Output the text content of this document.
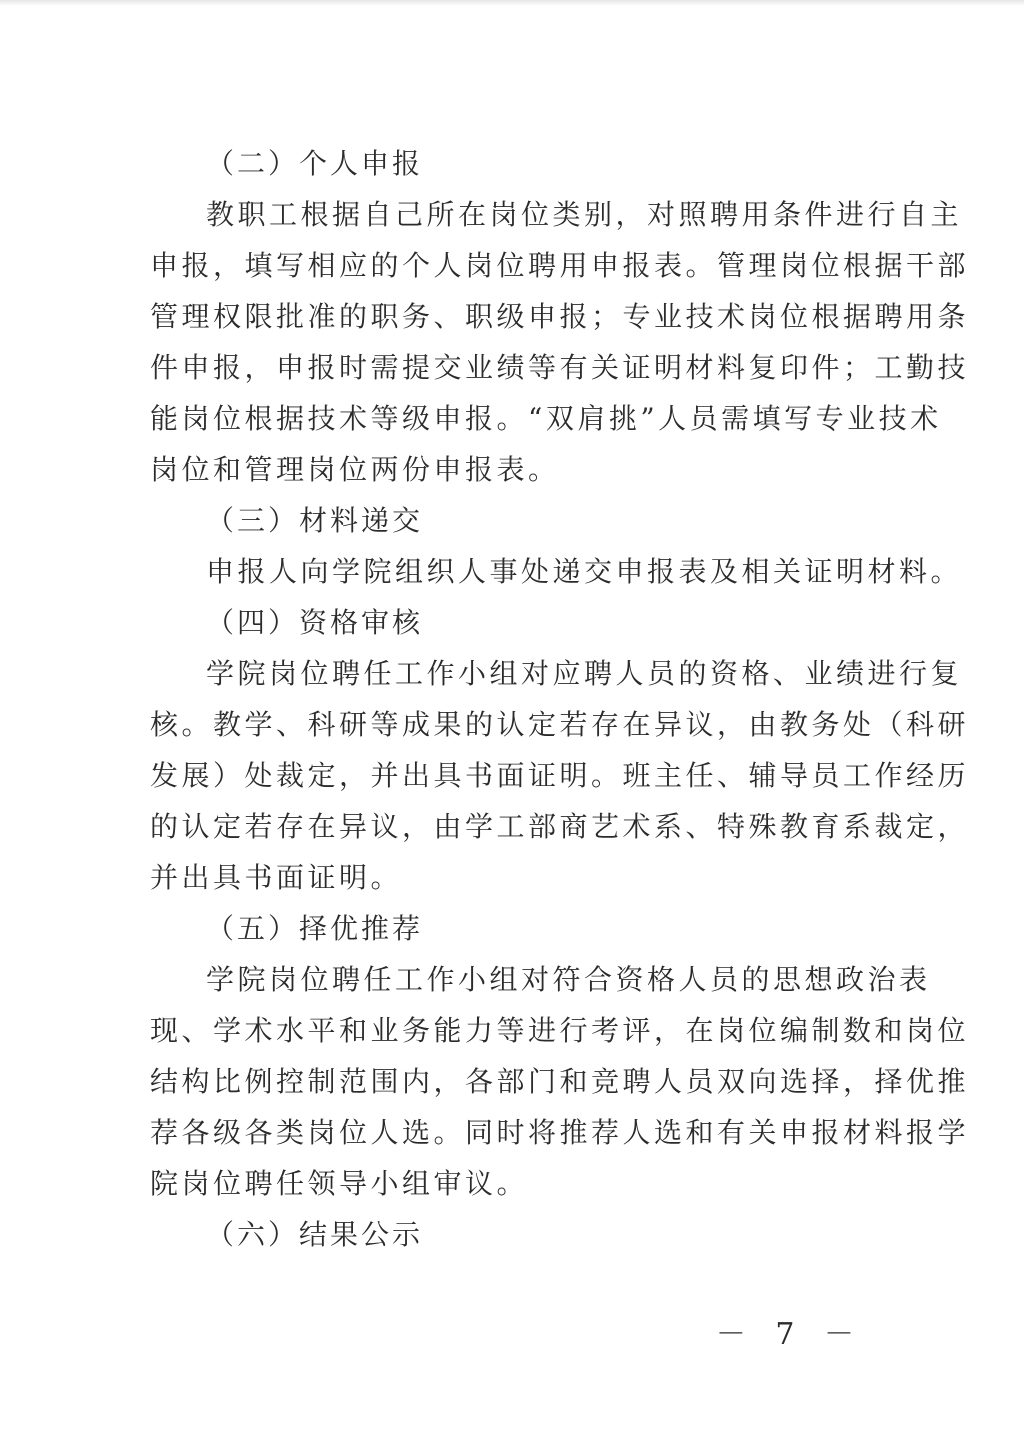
（二）个人申报
教职工根据自己所在岗位类别，对照聘用条件进行自主
申报，填写相应的个人岗位聘用申报表。管理岗位根据干部
管理权限批准的职务、职级申报；专业技术岗位根据聘用条
件申报，申报时需提交业绩等有关证明材料复印件；工勤技
能岗位根据技术等级申报。“双肩挑”人员需填写专业技术
岗位和管理岗位两份申报表。
（三）材料递交
申报人向学院组织人事处递交申报表及相关证明材料。
（四）资格审核
学院岗位聘任工作小组对应聘人员的资格、业绩进行复
核。教学、科研等成果的认定若存在异议，由教务处（科研
发展）处裁定，并出具书面证明。班主任、辅导员工作经历
的认定若存在异议，由学工部商艺术系、特殊教育系裁定，
并出具书面证明。
（五）择优推荐
学院岗位聘任工作小组对符合资格人员的思想政治表
现、学术水平和业务能力等进行考评，在岗位编制数和岗位
结构比例控制范围内，各部门和竞聘人员双向选择，择优推
荐各级各类岗位人选。同时将推荐人选和有关申报材料报学
院岗位聘任领导小组审议。
（六）结果公示
－ 7 －
